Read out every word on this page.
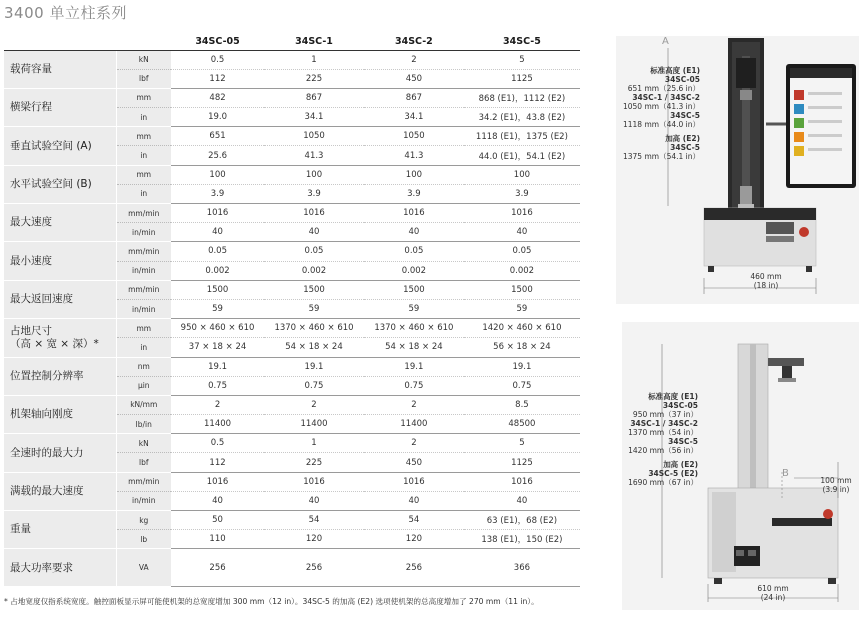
3400 单立柱系列
		34SC-05	34SC-1	34SC-2	34SC-5
载荷容量	kN	0.5	1	2	5
	lbf	112	225	450	1125
横梁行程	mm	482	867	867	868 (E1)，1112 (E2)
	in	19.0	34.1	34.1	34.2 (E1)，43.8 (E2)
垂直试验空间 (A)	mm	651	1050	1050	1118 (E1)，1375 (E2)
	in	25.6	41.3	41.3	44.0 (E1)，54.1 (E2)
水平试验空间 (B)	mm	100	100	100	100
	in	3.9	3.9	3.9	3.9
最大速度	mm/min	1016	1016	1016	1016
	in/min	40	40	40	40
最小速度	mm/min	0.05	0.05	0.05	0.05
	in/min	0.002	0.002	0.002	0.002
最大返回速度	mm/min	1500	1500	1500	1500
	in/min	59	59	59	59
占地尺寸
（高 × 宽 × 深）*	mm	950 × 460 × 610	1370 × 460 × 610	1370 × 460 × 610	1420 × 460 × 610
	in	37 × 18 × 24	54 × 18 × 24	54 × 18 × 24	56 × 18 × 24
位置控制分辨率	nm	19.1	19.1	19.1	19.1
	μin	0.75	0.75	0.75	0.75
机架轴向刚度	kN/mm	2	2	2	8.5
	lb/in	11400	11400	11400	48500
全速时的最大力	kN	0.5	1	2	5
	lbf	112	225	450	1125
满载的最大速度	mm/min	1016	1016	1016	1016
	in/min	40	40	40	40
重量	kg	50	54	54	63 (E1)，68 (E2)
	lb	110	120	120	138 (E1)，150 (E2)
最大功率要求	VA	256	256	256	366
* 占地宽度仅指系统宽度。触控面板显示屏可能使机架的总宽度增加 300 mm（12 in）。34SC-5 的加高 (E2) 选项使机架的总高度增加了 270 mm（11 in）。
A
标准高度 (E1)
34SC-05
651 mm（25.6 in）
34SC-1 / 34SC-2
1050 mm（41.3 in）
34SC-5
1118 mm（44.0 in）
加高 (E2)
34SC-5
1375 mm（54.1 in）
460 mm
(18 in)
B
标准高度 (E1)
34SC-05
950 mm（37 in）
34SC-1 / 34SC-2
1370 mm（54 in）
34SC-5
1420 mm（56 in）
加高 (E2)
34SC-5 (E2)
1690 mm（67 in）	100 mm
(3.9 in)
610 mm
(24 in)
